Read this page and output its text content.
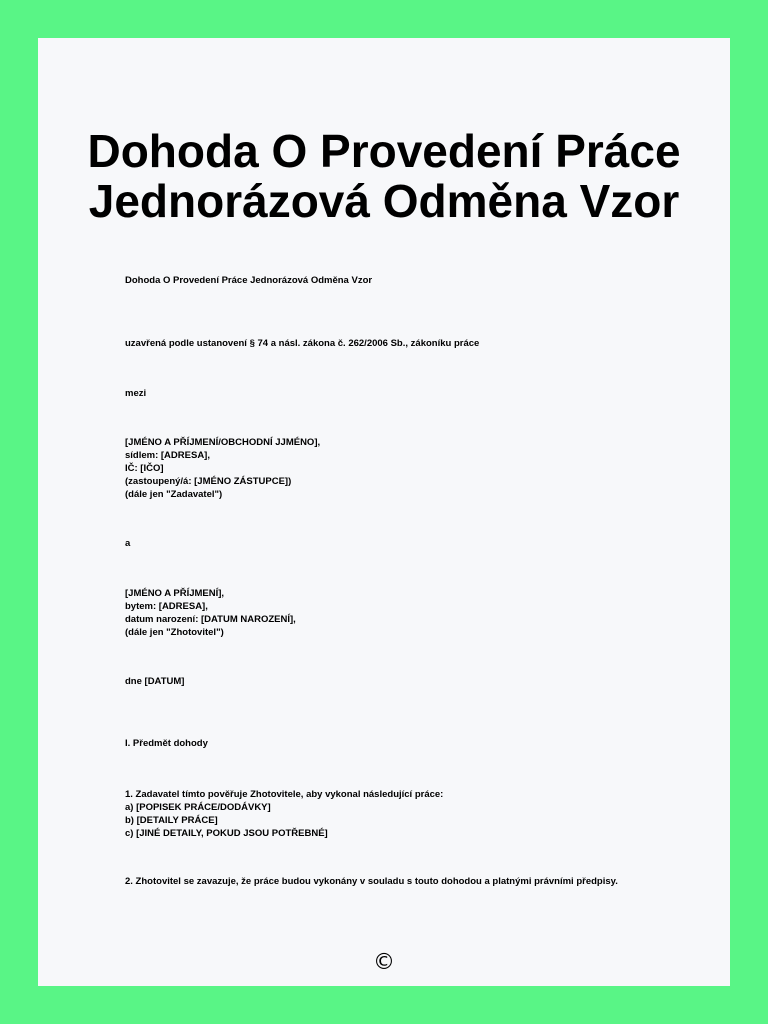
Dohoda O Provedení Práce
Jednorázová Odměna Vzor

Dohoda O Provedení Práce Jednorázová Odměna Vzor

uzavřená podle ustanovení § 74 a násl. zákona č. 262/2006 Sb., zákoníku práce

mezi

[JMÉNO A PŘÍJMENÍ/OBCHODNÍ JJMÉNO],
sídlem: [ADRESA],
IČ: [IČO]
(zastoupený/á: [JMÉNO ZÁSTUPCE])
(dále jen "Zadavatel")

a

[JMÉNO A PŘÍJMENÍ],
bytem: [ADRESA],
datum narození: [DATUM NAROZENÍ],
(dále jen "Zhotovitel")

dne [DATUM]

I. Předmět dohody

1. Zadavatel tímto pověřuje Zhotovitele, aby vykonal následující práce:
a) [POPISEK PRÁCE/DODÁVKY]
b) [DETAILY PRÁCE]
c) [JINÉ DETAILY, POKUD JSOU POTŘEBNÉ]

2. Zhotovitel se zavazuje, že práce budou vykonány v souladu s touto dohodou a platnými právními předpisy.

©
